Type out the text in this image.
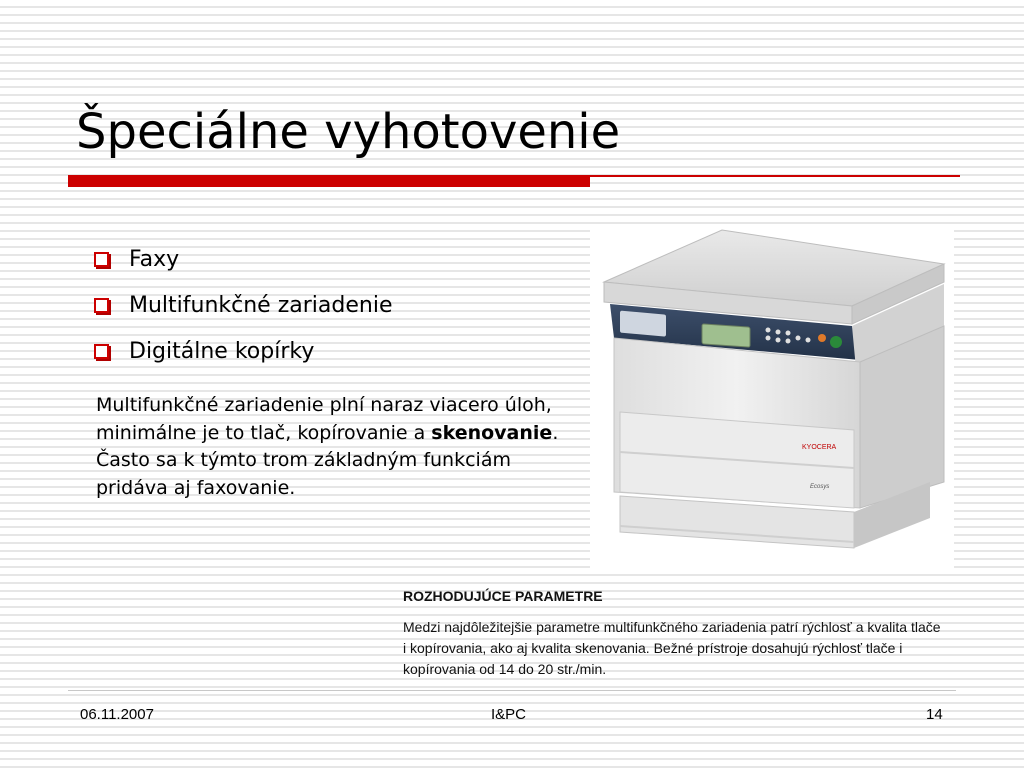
Špeciálne vyhotovenie
Faxy
Multifunkčné zariadenie
Digitálne kopírky
Multifunkčné zariadenie plní naraz viacero úloh, minimálne je to tlač, kopírovanie a skenovanie. Často sa k týmto trom základným funkciám pridáva aj faxovanie.
KYOCERA
Ecosys
ROZHODUJÚCE PARAMETRE
Medzi najdôležitejšie parametre multifunkčného zariadenia patrí rýchlosť a kvalita tlače i kopírovania, ako aj kvalita skenovania. Bežné prístroje dosahujú rýchlosť tlače i kopírovania od 14 do 20 str./min.
06.11.2007	I&PC	14
